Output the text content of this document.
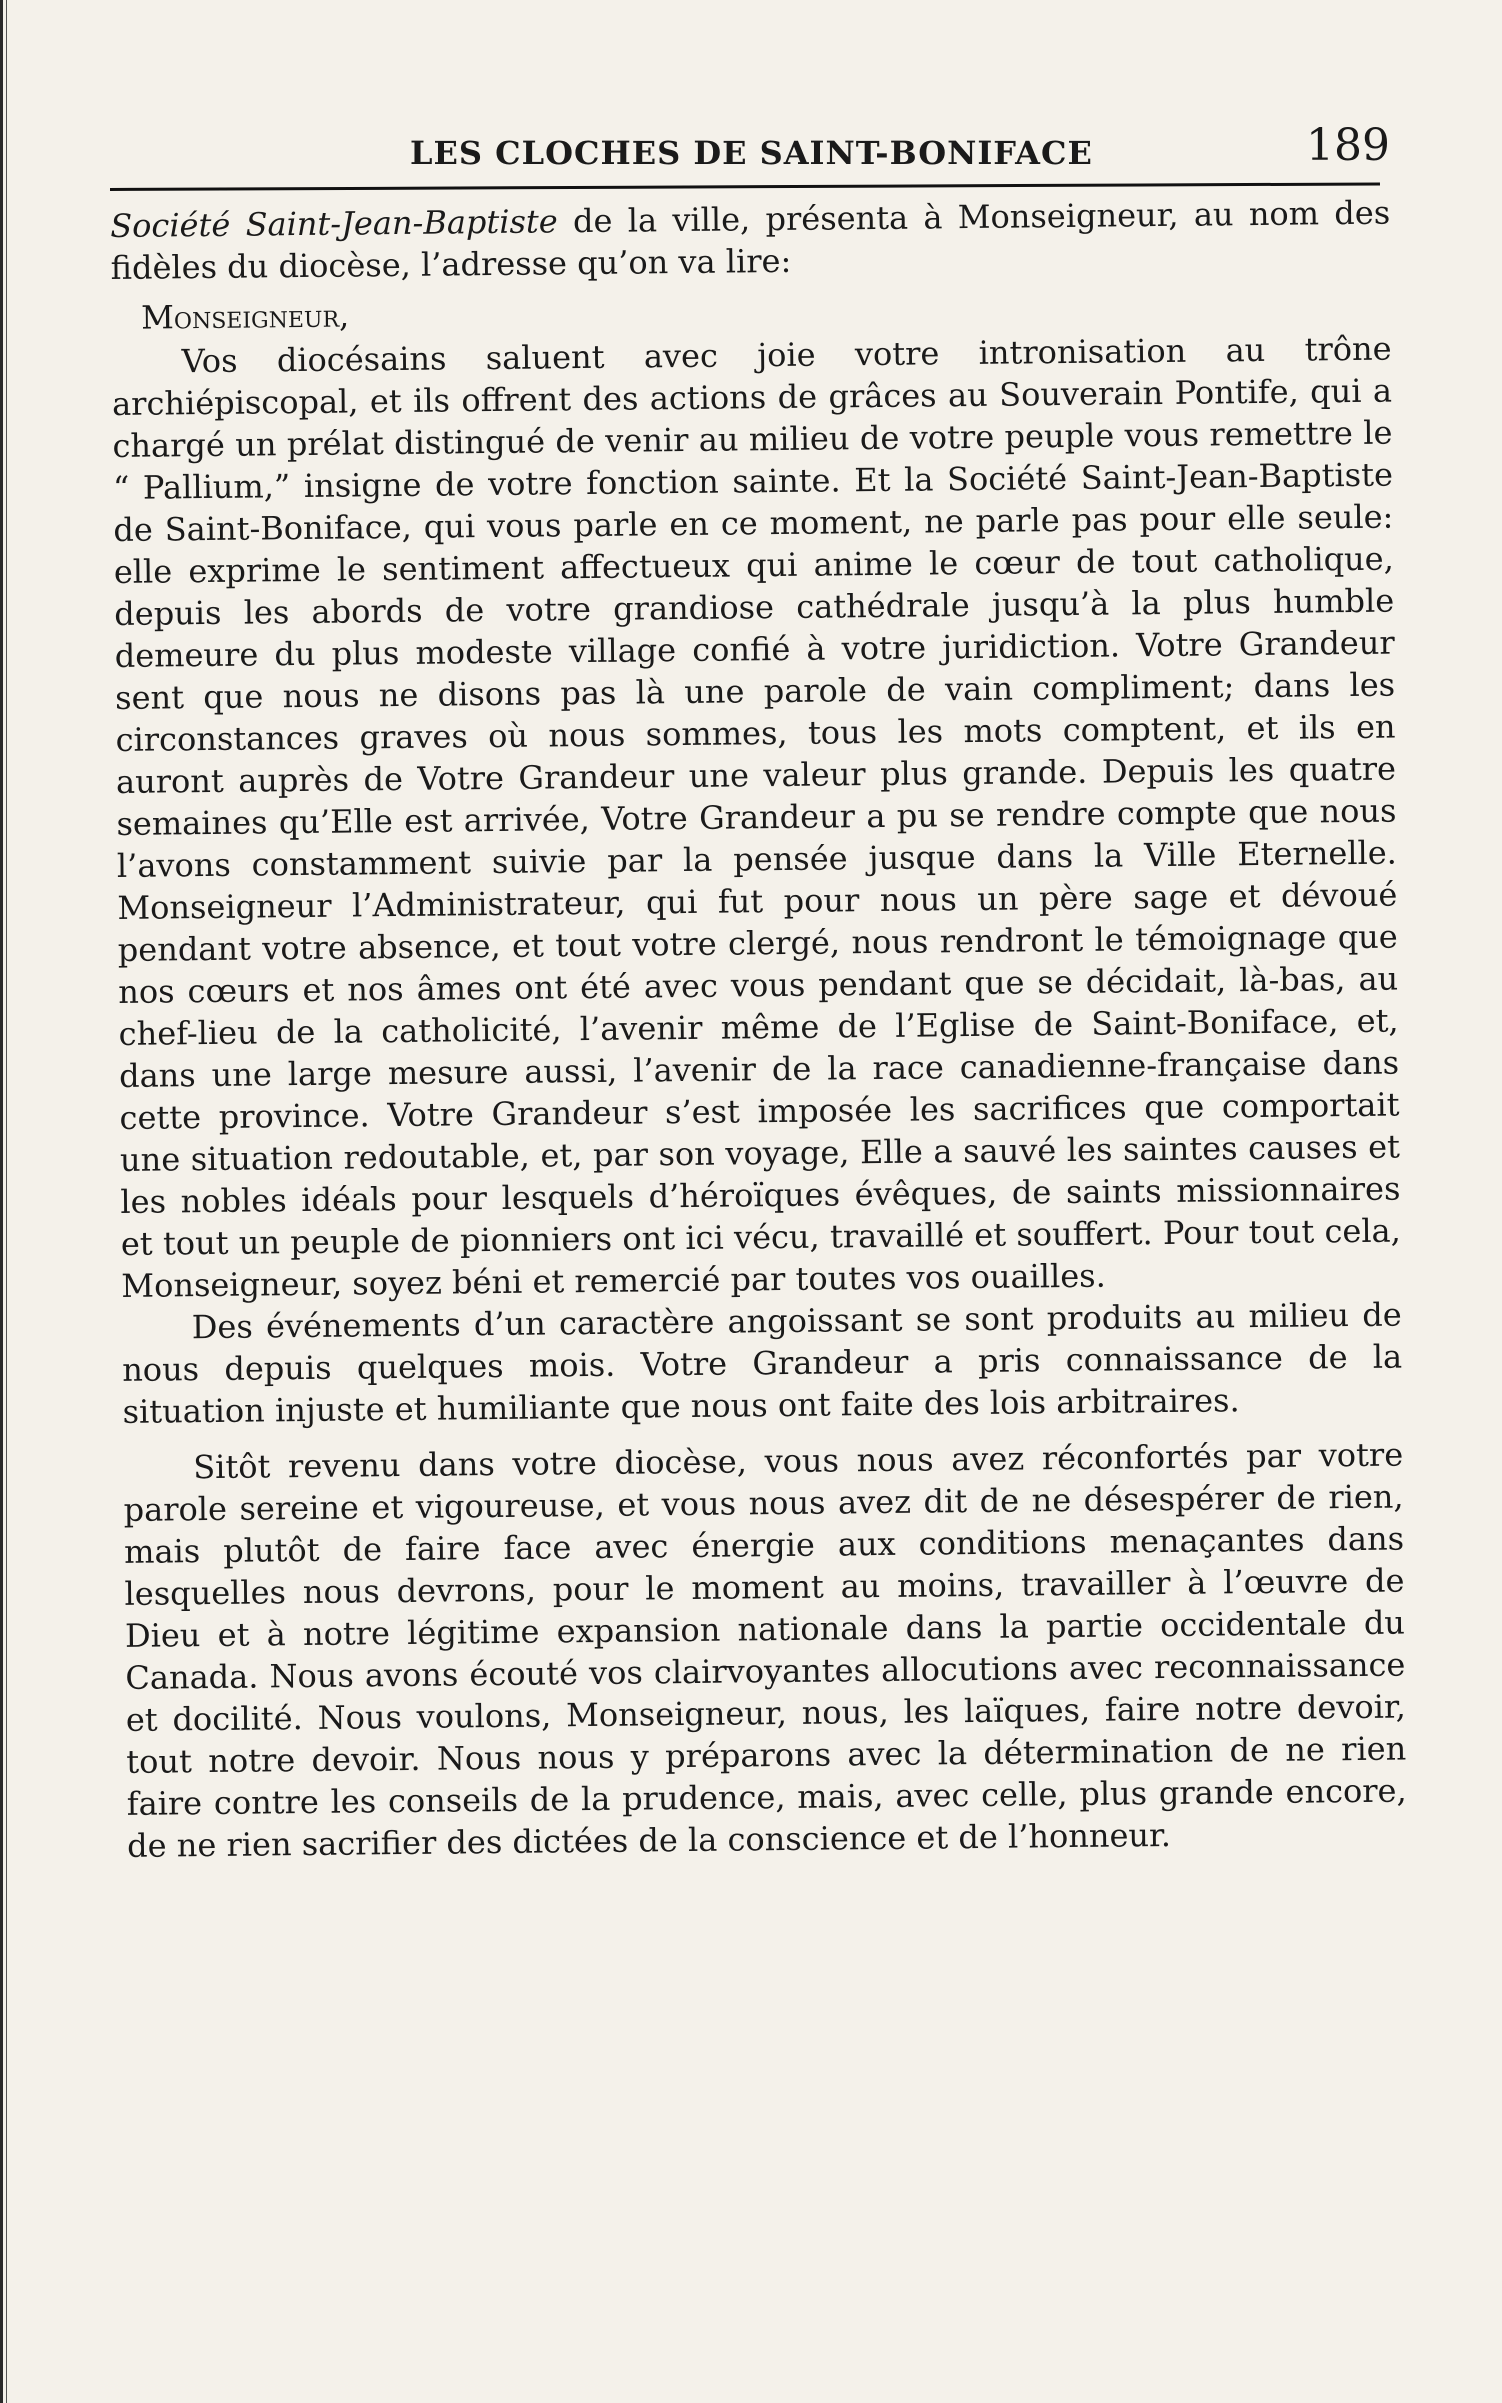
LES CLOCHES DE SAINT-BONIFACE	189

Société Saint-Jean-Baptiste de la ville, présenta à Monseigneur, au nom des fidèles du diocèse, l’adresse qu’on va lire:

Monseigneur,

Vos diocésains saluent avec joie votre intronisation au trône archiépiscopal, et ils offrent des actions de grâces au Souverain Pontife, qui a chargé un prélat distingué de venir au milieu de votre peuple vous remettre le “ Pallium,” insigne de votre fonction sainte. Et la Société Saint-Jean-Baptiste de Saint-Boniface, qui vous parle en ce moment, ne parle pas pour elle seule: elle exprime le sentiment affectueux qui anime le cœur de tout catholique, depuis les abords de votre grandiose cathédrale jusqu’à la plus humble demeure du plus modeste village confié à votre juridiction. Votre Grandeur sent que nous ne disons pas là une parole de vain compliment; dans les circonstances graves où nous sommes, tous les mots comptent, et ils en auront auprès de Votre Grandeur une valeur plus grande. Depuis les quatre semaines qu’Elle est arrivée, Votre Grandeur a pu se rendre compte que nous l’avons constamment suivie par la pensée jusque dans la Ville Eternelle. Monseigneur l’Administrateur, qui fut pour nous un père sage et dévoué pendant votre absence, et tout votre clergé, nous rendront le témoignage que nos cœurs et nos âmes ont été avec vous pendant que se décidait, là-bas, au chef-lieu de la catholicité, l’avenir même de l’Eglise de Saint-Boniface, et, dans une large mesure aussi, l’avenir de la race canadienne-française dans cette province. Votre Grandeur s’est imposée les sacrifices que comportait une situation redoutable, et, par son voyage, Elle a sauvé les saintes causes et les nobles idéals pour lesquels d’héroïques évêques, de saints missionnaires et tout un peuple de pionniers ont ici vécu, travaillé et souffert. Pour tout cela, Monseigneur, soyez béni et remercié par toutes vos ouailles.

Des événements d’un caractère angoissant se sont produits au milieu de nous depuis quelques mois. Votre Grandeur a pris connaissance de la situation injuste et humiliante que nous ont faite des lois arbitraires.

Sitôt revenu dans votre diocèse, vous nous avez réconfortés par votre parole sereine et vigoureuse, et vous nous avez dit de ne désespérer de rien, mais plutôt de faire face avec énergie aux conditions menaçantes dans lesquelles nous devrons, pour le moment au moins, travailler à l’œuvre de Dieu et à notre légitime expansion nationale dans la partie occidentale du Canada. Nous avons écouté vos clairvoyantes allocutions avec reconnaissance et docilité. Nous voulons, Monseigneur, nous, les laïques, faire notre devoir, tout notre devoir. Nous nous y préparons avec la détermination de ne rien faire contre les conseils de la prudence, mais, avec celle, plus grande encore, de ne rien sacrifier des dictées de la conscience et de l’honneur.
